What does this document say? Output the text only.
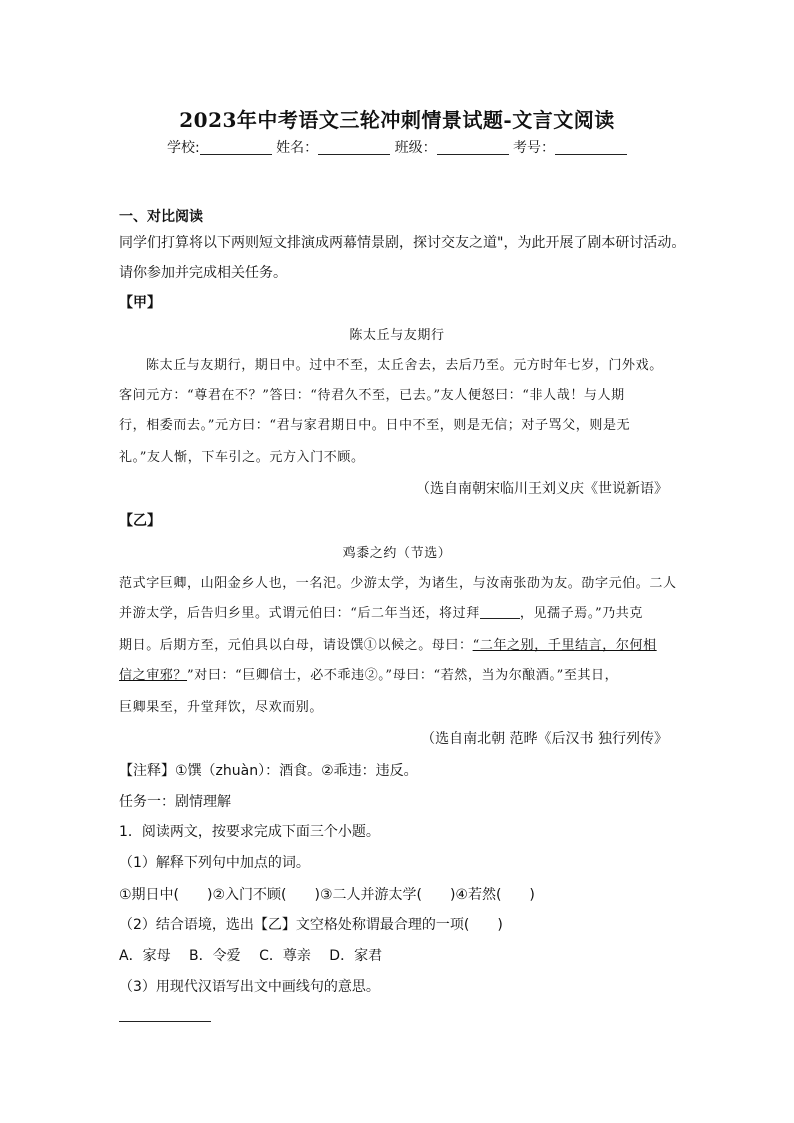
2023年中考语文三轮冲刺情景试题-文言文阅读
学校:	姓名：	班级：	考号：
一、对比阅读
同学们打算将以下两则短文排演成两幕情景剧，探讨交友之道"，为此开展了剧本研讨活动。
请你参加并完成相关任务。
【甲】
陈太丘与友期行
陈太丘与友期行，期日中。过中不至，太丘舍去，去后乃至。元方时年七岁，门外戏。
客问元方：“尊君在不？”答曰：“待君久不至，已去。”友人便怒曰：“非人哉！与人期
行，相委而去。”元方曰：“君与家君期日中。日中不至，则是无信；对子骂父，则是无
礼。”友人惭，下车引之。元方入门不顾。
（选自南朝宋临川王刘义庆《世说新语》
【乙】
鸡黍之约（节选）
范式字巨卿，山阳金乡人也，一名汜。少游太学，为诸生，与汝南张劭为友。劭字元伯。二人
并游太学，后告归乡里。式谓元伯曰：“后二年当还，将过拜	，见孺子焉。”乃共克
期日。后期方至，元伯具以白母，请设馔①以候之。母曰：“二年之别，千里结言，尔何相
信之审邪？”对曰：“巨卿信士，必不乖违②。”母曰：“若然，当为尔酿酒。”至其日，
巨卿果至，升堂拜饮，尽欢而别。
（选自南北朝 范晔《后汉书 独行列传》
【注释】①馔（zhuàn）：酒食。②乖违：违反。
任务一：剧情理解
1．阅读两文，按要求完成下面三个小题。
（1）解释下列句中加点的词。
①期日中(　　)②入门不顾(　　)③二人并游太学(　　)④若然(　　)
（2）结合语境，选出【乙】文空格处称谓最合理的一项(　　)
A．家母　 B．令爱　 C．尊亲　 D．家君
（3）用现代汉语写出文中画线句的意思。
